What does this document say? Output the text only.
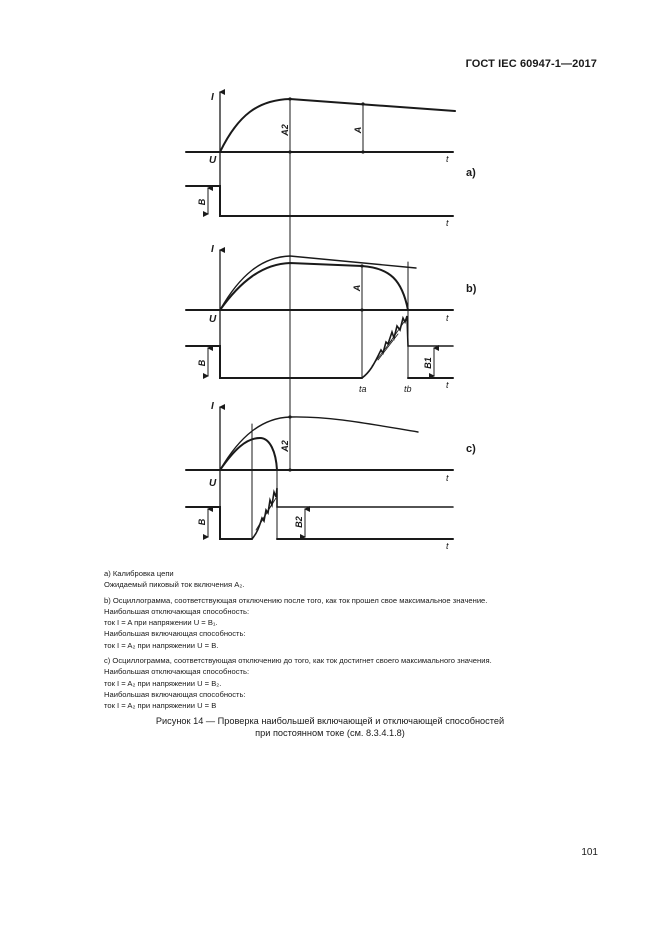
ГОСТ IEC 60947-1—2017
I
U	t
t
A2	A
B
a)
I
U	t
t
A
B	B1
ta	tb
b)
I
U	t
t
A2
B	B2
c)

a) Калибровка цепи

Ожидаемый пиковый ток включения A₂.

b) Осциллограмма, соответствующая отключению после того, как ток прошел свое максимальное значение.

Наибольшая отключающая способность:

ток I = A при напряжении U = B₁.

Наибольшая включающая способность:

ток I = A₂ при напряжении U = B.

c) Осциллограмма, соответствующая отключению до того, как ток достигнет своего максимального значения.

Наибольшая отключающая способность:

ток I = A₂ при напряжении U = B₂.

Наибольшая включающая способность:

ток I = A₂ при напряжении U = B

Рисунок 14 — Проверка наибольшей включающей и отключающей способностей
при постоянном токе (см. 8.3.4.1.8)
101
